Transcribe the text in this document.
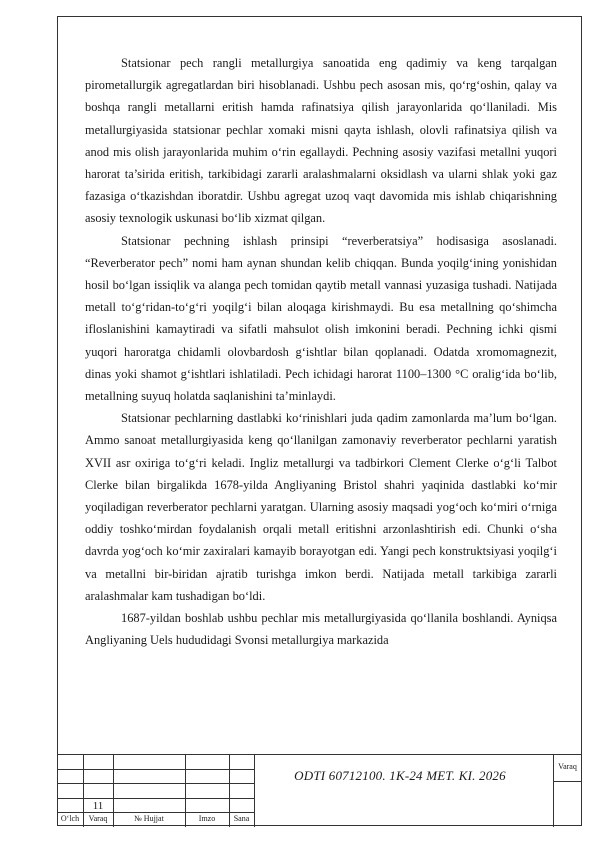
Statsionar pech rangli metallurgiya sanoatida eng qadimiy va keng tarqalgan pirometallurgik agregatlardan biri hisoblanadi. Ushbu pech asosan mis, qo‘rg‘oshin, qalay va boshqa rangli metallarni eritish hamda rafinatsiya qilish jarayonlarida qo‘llaniladi. Mis metallurgiyasida statsionar pechlar xomaki misni qayta ishlash, olovli rafinatsiya qilish va anod mis olish jarayonlarida muhim o‘rin egallaydi. Pechning asosiy vazifasi metallni yuqori harorat ta’sirida eritish, tarkibidagi zararli aralashmalarni oksidlash va ularni shlak yoki gaz fazasiga o‘tkazishdan iboratdir. Ushbu agregat uzoq vaqt davomida mis ishlab chiqarishning asosiy texnologik uskunasi bo‘lib xizmat qilgan.

Statsionar pechning ishlash prinsipi “reverberatsiya” hodisasiga asoslanadi. “Reverberator pech” nomi ham aynan shundan kelib chiqqan. Bunda yoqilg‘ining yonishidan hosil bo‘lgan issiqlik va alanga pech tomidan qaytib metall vannasi yuzasiga tushadi. Natijada metall to‘g‘ridan-to‘g‘ri yoqilg‘i bilan aloqaga kirishmaydi. Bu esa metallning qo‘shimcha ifloslanishini kamaytiradi va sifatli mahsulot olish imkonini beradi. Pechning ichki qismi yuqori haroratga chidamli olovbardosh g‘ishtlar bilan qoplanadi. Odatda xromomagnezit, dinas yoki shamot g‘ishtlari ishlatiladi. Pech ichidagi harorat 1100–1300 °C oralig‘ida bo‘lib, metallning suyuq holatda saqlanishini ta’minlaydi.

Statsionar pechlarning dastlabki ko‘rinishlari juda qadim zamonlarda ma’lum bo‘lgan. Ammo sanoat metallurgiyasida keng qo‘llanilgan zamonaviy reverberator pechlarni yaratish XVII asr oxiriga to‘g‘ri keladi. Ingliz metallurgi va tadbirkori Clement Clerke o‘g‘li Talbot Clerke bilan birgalikda 1678-yilda Angliyaning Bristol shahri yaqinida dastlabki ko‘mir yoqiladigan reverberator pechlarni yaratgan. Ularning asosiy maqsadi yog‘och ko‘miri o‘rniga oddiy toshko‘mirdan foydalanish orqali metall eritishni arzonlashtirish edi. Chunki o‘sha davrda yog‘och ko‘mir zaxiralari kamayib borayotgan edi. Yangi pech konstruktsiyasi yoqilg‘i va metallni bir-biridan ajratib turishga imkon berdi. Natijada metall tarkibiga zararli aralashmalar kam tushadigan bo‘ldi.

1687-yildan boshlab ushbu pechlar mis metallurgiyasida qo‘llanila boshlandi. Ayniqsa Angliyaning Uels hududidagi Svonsi metallurgiya markazida

11
O‘lch	Varaq	№ Hujjat	Imzo	Sana
ODTI 60712100. 1K-24 MET. KI. 2026
Varaq
